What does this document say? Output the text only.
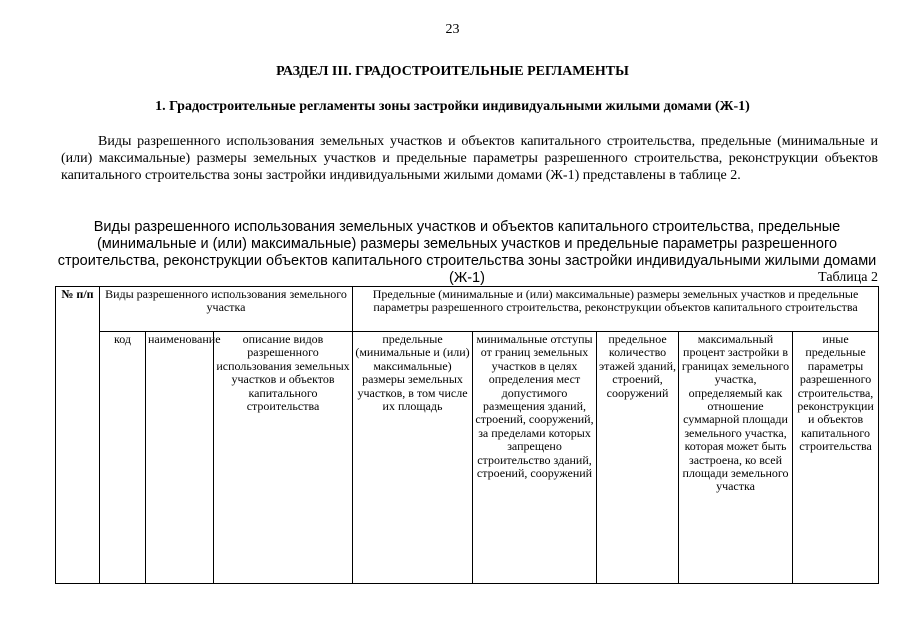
23
РАЗДЕЛ III. ГРАДОСТРОИТЕЛЬНЫЕ РЕГЛАМЕНТЫ
1. Градостроительные регламенты зоны застройки индивидуальными жилыми домами (Ж-1)

Виды разрешенного использования земельных участков и объектов капитального строительства, предельные (минимальные и (или) максимальные) размеры земельных участков и предельные параметры разрешенного строительства, реконструкции объектов капитального строительства зоны застройки индивидуальными жилыми домами (Ж-1) представлены в таблице 2.

Виды разрешенного использования земельных участков и объектов капитального строительства, предельные (минимальные и (или) максимальные) размеры земельных участков и предельные параметры разрешенного строительства, реконструкции объектов капитального строительства зоны застройки индивидуальными жилыми домами (Ж-1)	Таблица 2
№ п/п	Виды разрешенного использования земельного участка			Предельные (минимальные и (или) максимальные) размеры земельных участков и предельные параметры разрешенного строительства, реконструкции объектов капитального строительства				
	код	наименование	описание видов разрешенного использования земельных участков и объектов капитального строительства	предельные (минимальные и (или) максимальные) размеры земельных участков, в том числе их площадь	минимальные отступы от границ земельных участков в целях определения мест допустимого размещения зданий, строений, сооружений, за пределами которых запрещено строительство зданий, строений, сооружений	предельное количество этажей зданий, строений, сооружений	максимальный процент застройки в границах земельного участка, определяемый как отношение суммарной площади земельного участка, которая может быть застроена, ко всей площади земельного участка	иные предельные параметры разрешенного строительства, реконструкции и объектов капитального строительства
